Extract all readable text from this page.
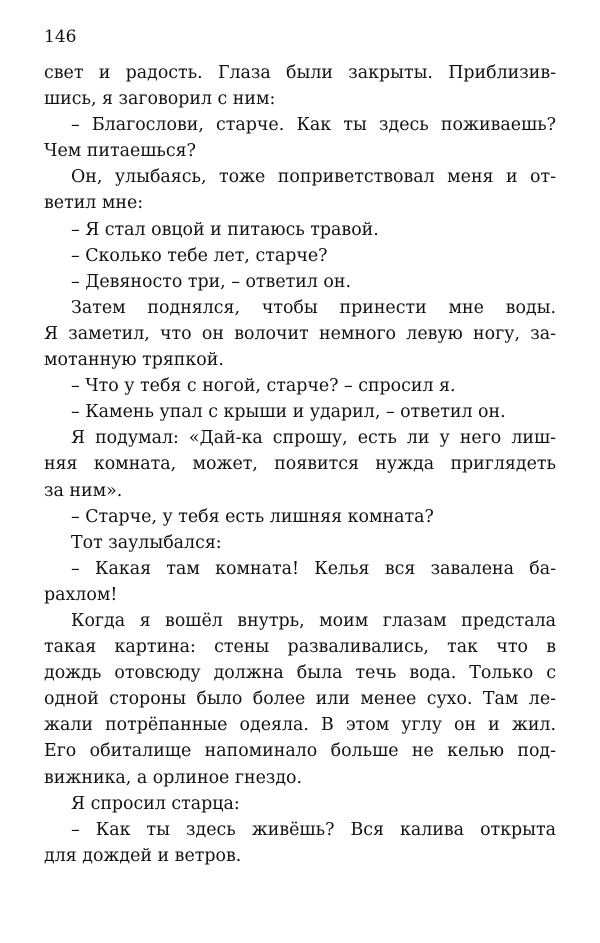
146
свет и радость. Глаза были закрыты. Приблизив-
шись, я заговорил с ним:
– Благослови, старче. Как ты здесь поживаешь?
Чем питаешься?
Он, улыбаясь, тоже поприветствовал меня и от-
ветил мне:
– Я стал овцой и питаюсь травой.
– Сколько тебе лет, старче?
– Девяносто три, – ответил он.
Затем поднялся, чтобы принести мне воды.
Я заметил, что он волочит немного левую ногу, за-
мотанную тряпкой.
– Что у тебя с ногой, старче? – спросил я.
– Камень упал с крыши и ударил, – ответил он.
Я подумал: «Дай-ка спрошу, есть ли у него лиш-
няя комната, может, появится нужда приглядеть
за ним».
– Старче, у тебя есть лишняя комната?
Тот заулыбался:
– Какая там комната! Келья вся завалена ба-
рахлом!
Когда я вошёл внутрь, моим глазам предстала
такая картина: стены разваливались, так что в
дождь отовсюду должна была течь вода. Только с
одной стороны было более или менее сухо. Там ле-
жали потрёпанные одеяла. В этом углу он и жил.
Его обиталище напоминало больше не келью под-
вижника, а орлиное гнездо.
Я спросил старца:
– Как ты здесь живёшь? Вся калива открыта
для дождей и ветров.
